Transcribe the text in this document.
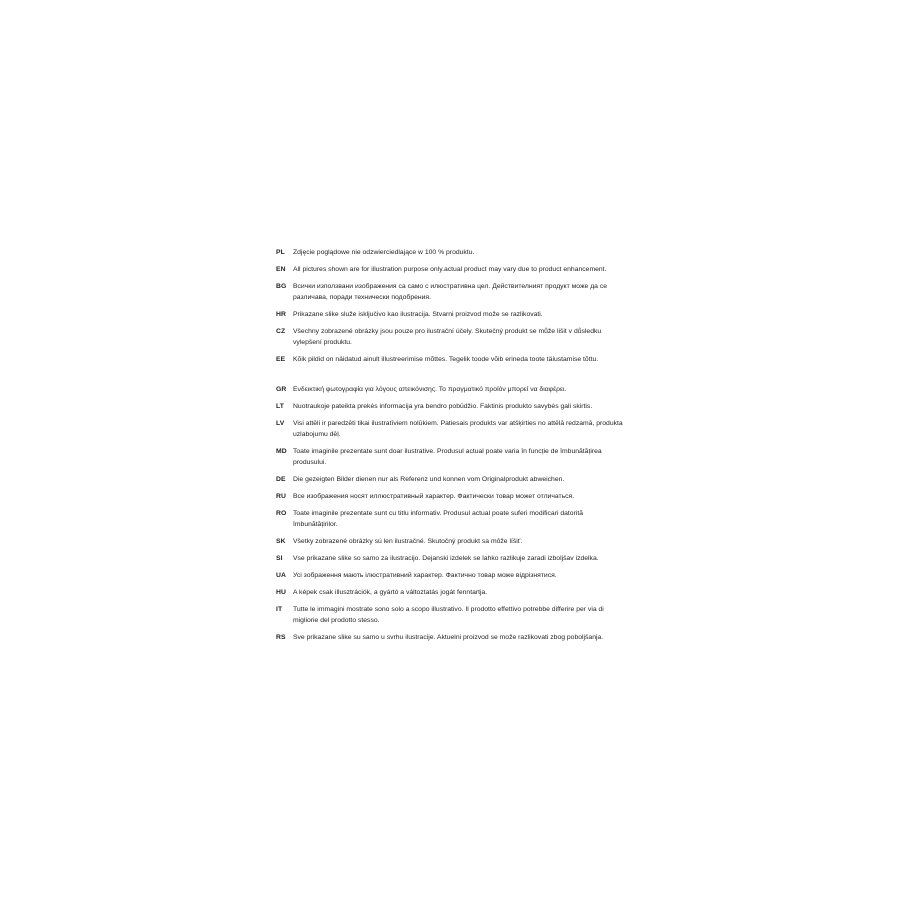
PL	Zdjęcie poglądowe nie odzwierciedlające w 100 % produktu.
EN	All pictures shown are for illustration purpose only.actual product may vary due to product enhancement.
BG Всички използвани изображения са само с илюстративна цел. Действителният продукт може да се различава, поради технически подобрения.
HR	Prikazane slike služe isključivo kao ilustracija. Stvarni proizvod može se razlikovati.
CZ	Všechny zobrazené obrázky jsou pouze pro ilustrační účely. Skutečný produkt se může lišit v důsledku vylepšení produktu.
EE	Kõik pildid on näidatud ainult illustreerimise mõttes. Tegelik toode võib erineda toote täiustamise tõttu.
GR Ενδεικτική φωτογραφία για λόγους απεικόνισης. Το πραγματικό προϊόν μπορεί να διαφέρει.
LT	Nuotraukoje pateikta prekės informacija yra bendro pobūdžio. Faktinis produkto savybės gali skirtis.
LV	Visi attēli ir paredzēti tikai ilustratīviem nolūkiem. Patiesais produkts var atšķirties no attēlā redzamā, produkta uzlabojumu dēļ.
MD Toate imaginile prezentate sunt doar ilustrative. Produsul actual poate varia în funcție de îmbunătățirea produsului.
DE	Die gezeigten Bilder dienen nur als Referenz und konnen vom Originalprodukt abweichen.
RU	Все изображения носят иллюстративный характер. Фактически товар может отличаться.
RO Toate imaginile prezentate sunt cu titlu informativ. Produsul actual poate suferi modificari datorită îmbunătățirilor.
SK	Všetky zobrazené obrázky sú len ilustračné. Skutočný produkt sa môže líšiť.
SI	Vse prikazane slike so samo za ilustracijo. Dejanski izdelek se lahko razlikuje zaradi izboljšav izdelka.
UA	Усі зображення мають ілюстративний характер. Фактично товар може відрізнятися.
HU	A képek csak illusztrációk, a gyártó a változtatás jogát fenntartja.
IT	Tutte le immagini mostrate sono solo a scopo illustrativo. Il prodotto effettivo potrebbe differire per via di migliorie del prodotto stesso.
RS	Sve prikazane slike su samo u svrhu ilustracije. Aktuelni proizvod se može razlikovati zbog poboljšanja.
